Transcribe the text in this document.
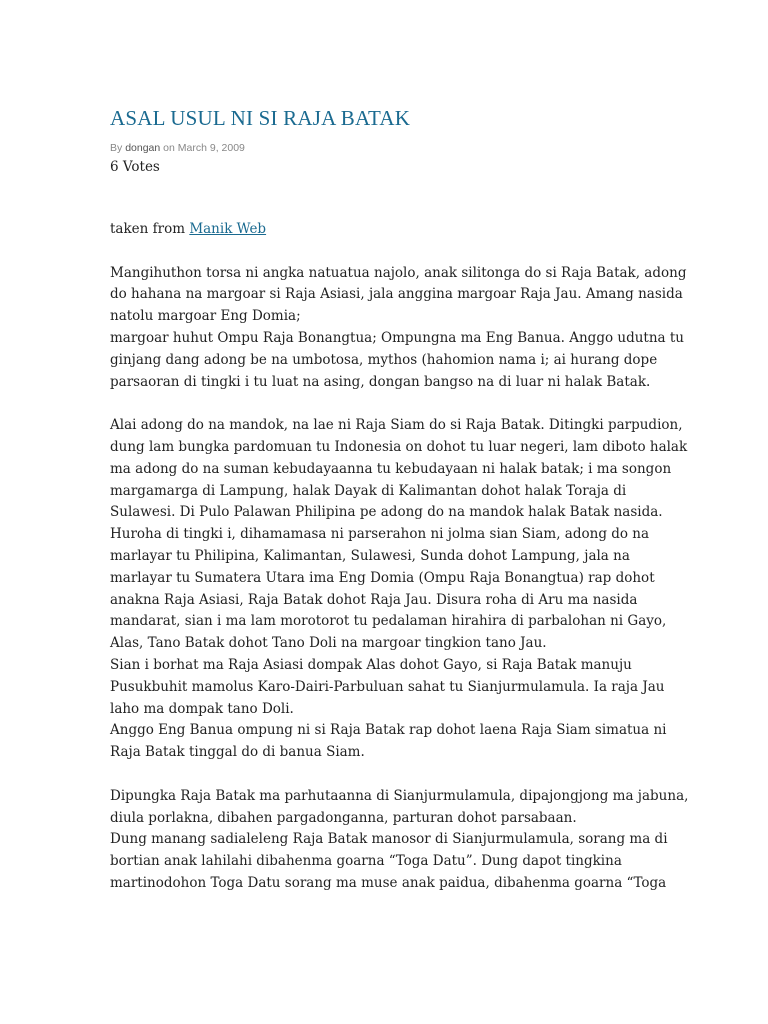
ASAL USUL NI SI RAJA BATAK

By dongan on March 9, 2009

6 Votes

taken from Manik Web

Mangihuthon torsa ni angka natuatua najolo, anak silitonga do si Raja Batak, adong do hahana na margoar si Raja Asiasi, jala anggina margoar Raja Jau. Amang nasida natolu margoar Eng Domia;
margoar huhut Ompu Raja Bonangtua; Ompungna ma Eng Banua. Anggo udutna tu ginjang dang adong be na umbotosa, mythos (hahomion nama i; ai hurang dope parsaoran di tingki i tu luat na asing, dongan bangso na di luar ni halak Batak.

Alai adong do na mandok, na lae ni Raja Siam do si Raja Batak. Ditingki parpudion, dung lam bungka pardomuan tu Indonesia on dohot tu luar negeri, lam diboto halak ma adong do na suman kebudayaanna tu kebudayaan ni halak batak; i ma songon margamarga di Lampung, halak Dayak di Kalimantan dohot halak Toraja di Sulawesi. Di Pulo Palawan Philipina pe adong do na mandok halak Batak nasida.
Huroha di tingki i, dihamamasa ni parserahon ni jolma sian Siam, adong do na marlayar tu Philipina, Kalimantan, Sulawesi, Sunda dohot Lampung, jala na marlayar tu Sumatera Utara ima Eng Domia (Ompu Raja Bonangtua) rap dohot anakna Raja Asiasi, Raja Batak dohot Raja Jau. Disura roha di Aru ma nasida mandarat, sian i ma lam morotorot tu pedalaman hirahira di parbalohan ni Gayo, Alas, Tano Batak dohot Tano Doli na margoar tingkion tano Jau.
Sian i borhat ma Raja Asiasi dompak Alas dohot Gayo, si Raja Batak manuju Pusukbuhit mamolus Karo-Dairi-Parbuluan sahat tu Sianjurmulamula. Ia raja Jau laho ma dompak tano Doli.
Anggo Eng Banua ompung ni si Raja Batak rap dohot laena Raja Siam simatua ni Raja Batak tinggal do di banua Siam.

Dipungka Raja Batak ma parhutaanna di Sianjurmulamula, dipajongjong ma jabuna, diula porlakna, dibahen pargadonganna, parturan dohot parsabaan.
Dung manang sadialeleng Raja Batak manosor di Sianjurmulamula, sorang ma di bortian anak lahilahi dibahenma goarna “Toga Datu”. Dung dapot tingkina martinodohon Toga Datu sorang ma muse anak paidua, dibahenma goarna “Toga
